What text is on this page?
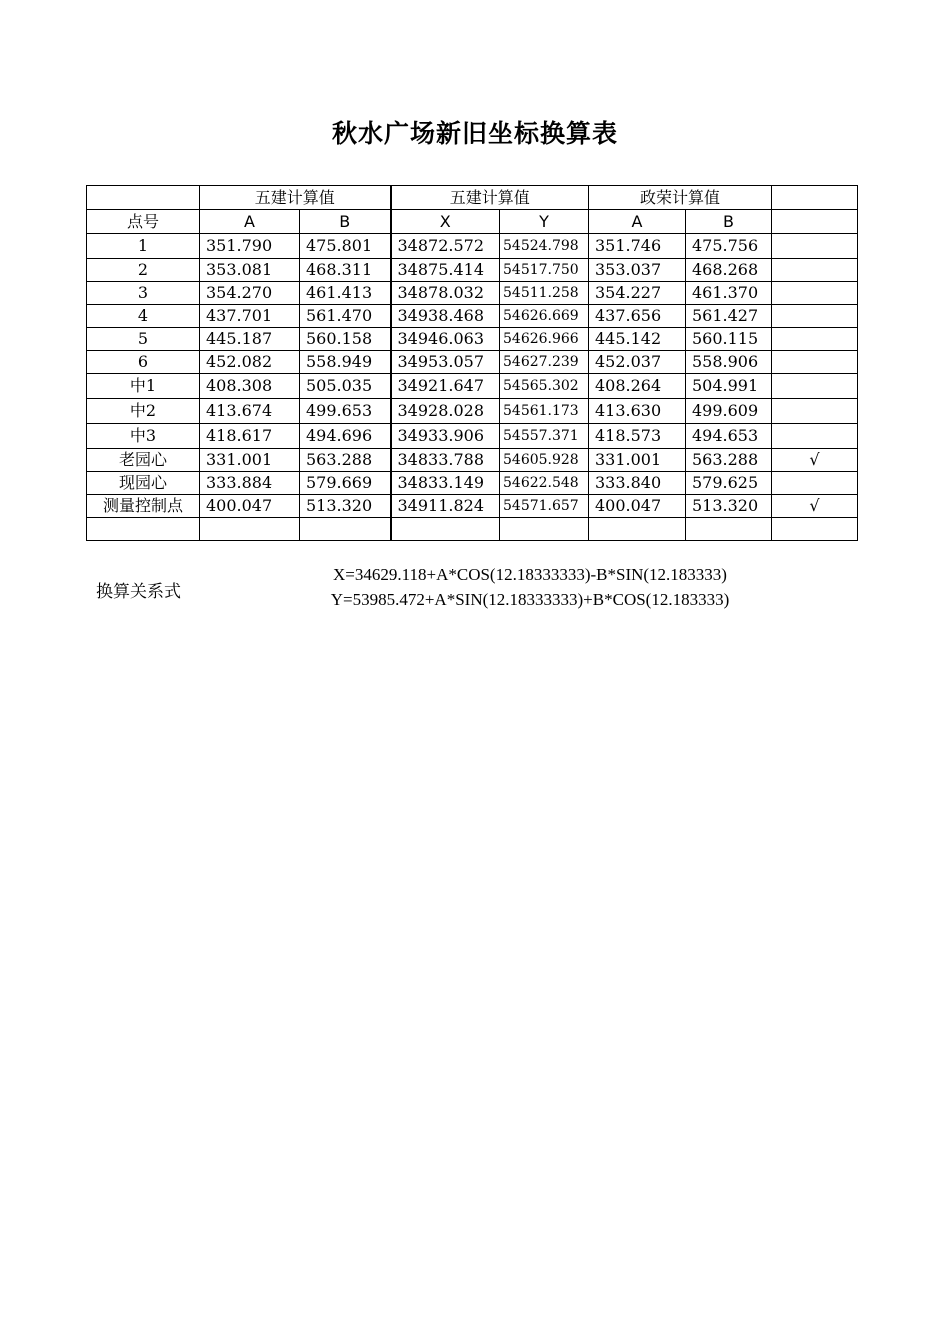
秋水广场新旧坐标换算表
	五建计算值		五建计算值		政荣计算值		
点号	A	B	X	Y	A	B	
1	351.790	475.801	34872.572	54524.798	351.746	475.756	
2	353.081	468.311	34875.414	54517.750	353.037	468.268	
3	354.270	461.413	34878.032	54511.258	354.227	461.370	
4	437.701	561.470	34938.468	54626.669	437.656	561.427	
5	445.187	560.158	34946.063	54626.966	445.142	560.115	
6	452.082	558.949	34953.057	54627.239	452.037	558.906	
中1	408.308	505.035	34921.647	54565.302	408.264	504.991	
中2	413.674	499.653	34928.028	54561.173	413.630	499.609	
中3	418.617	494.696	34933.906	54557.371	418.573	494.653	
老园心	331.001	563.288	34833.788	54605.928	331.001	563.288	√
现园心	333.884	579.669	34833.149	54622.548	333.840	579.625	
测量控制点	400.047	513.320	34911.824	54571.657	400.047	513.320	√

换算关系式
X=34629.118+A*COS(12.18333333)-B*SIN(12.183333)
Y=53985.472+A*SIN(12.18333333)+B*COS(12.183333)
